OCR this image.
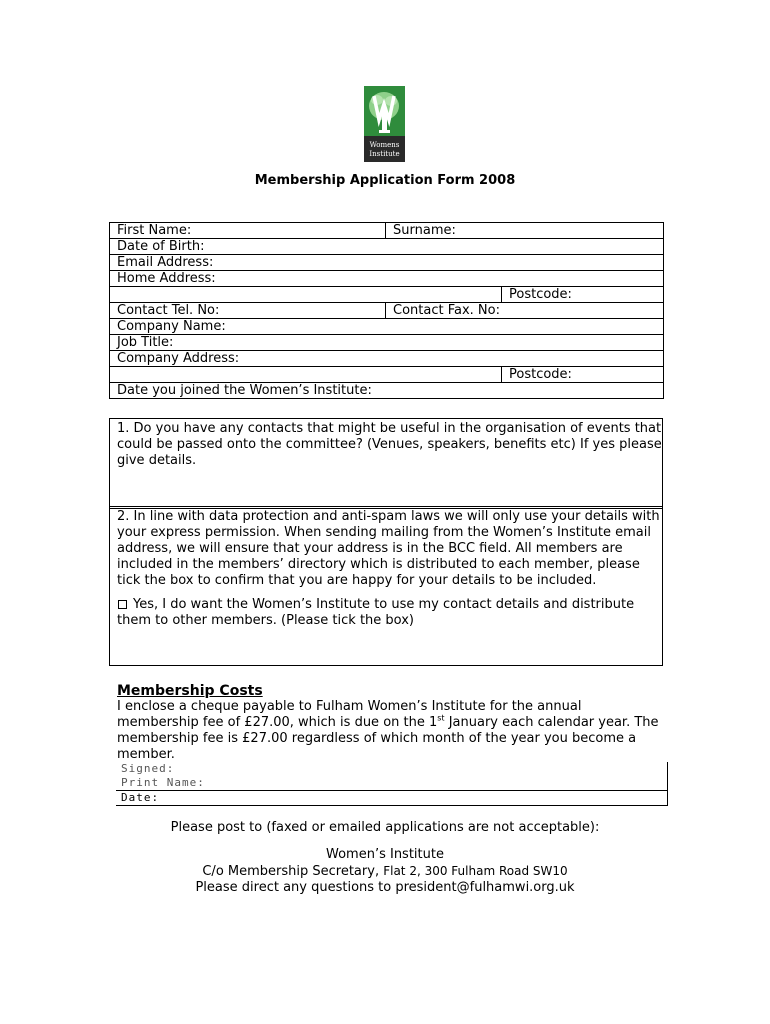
Womens
Institute
Membership Application Form 2008
First Name:	Surname:	
Date of Birth:		
Email Address:		
Home Address:		
		Postcode:
Contact Tel. No:	Contact Fax. No:	
Company Name:		
Job Title:		
Company Address:		
		Postcode:
Date you joined the Women’s Institute:		

1. Do you have any contacts that might be useful in the organisation of events that could be passed onto the committee? (Venues, speakers, benefits etc) If yes please give details.

2. In line with data protection and anti-spam laws we will only use your details with your express permission. When sending mailing from the Women’s Institute email address, we will ensure that your address is in the BCC field. All members are included in the members’ directory which is distributed to each member, please tick the box to confirm that you are happy for your details to be included.

Yes, I do want the Women’s Institute to use my contact details and distribute them to other members. (Please tick the box)

Membership Costs

I enclose a cheque payable to Fulham Women’s Institute for the annual membership fee of £27.00, which is due on the 1st January each calendar year. The membership fee is £27.00 regardless of which month of the year you become a member.

Signed:
Print Name:
Date:
Please post to (faxed or emailed applications are not acceptable):
Women’s Institute
C/o Membership Secretary, Flat 2, 300 Fulham Road SW10
Please direct any questions to president@fulhamwi.org.uk
